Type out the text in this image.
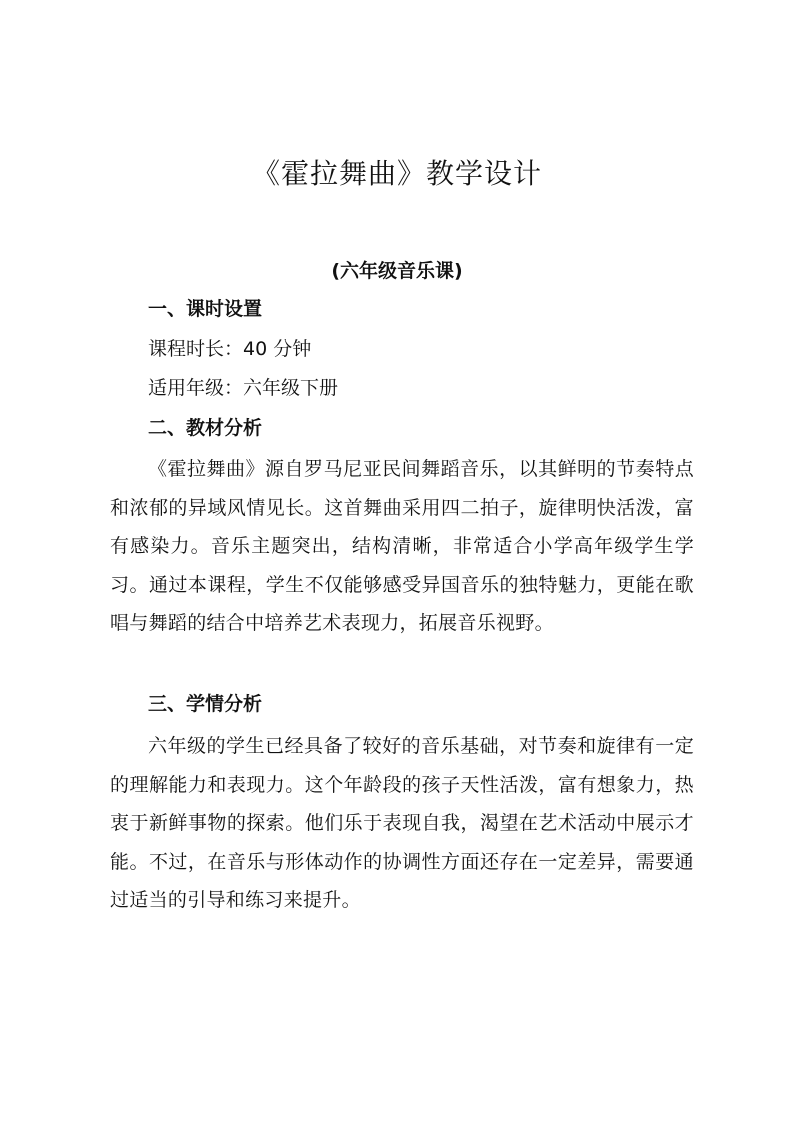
《霍拉舞曲》教学设计
(六年级音乐课)
一、课时设置
课程时长：40 分钟
适用年级：六年级下册
二、教材分析
《霍拉舞曲》源自罗马尼亚民间舞蹈音乐，以其鲜明的节奏特点和浓郁的异域风情见长。这首舞曲采用四二拍子，旋律明快活泼，富有感染力。音乐主题突出，结构清晰，非常适合小学高年级学生学习。通过本课程，学生不仅能够感受异国音乐的独特魅力，更能在歌唱与舞蹈的结合中培养艺术表现力，拓展音乐视野。
三、学情分析
六年级的学生已经具备了较好的音乐基础，对节奏和旋律有一定的理解能力和表现力。这个年龄段的孩子天性活泼，富有想象力，热衷于新鲜事物的探索。他们乐于表现自我，渴望在艺术活动中展示才能。不过，在音乐与形体动作的协调性方面还存在一定差异，需要通过适当的引导和练习来提升。
